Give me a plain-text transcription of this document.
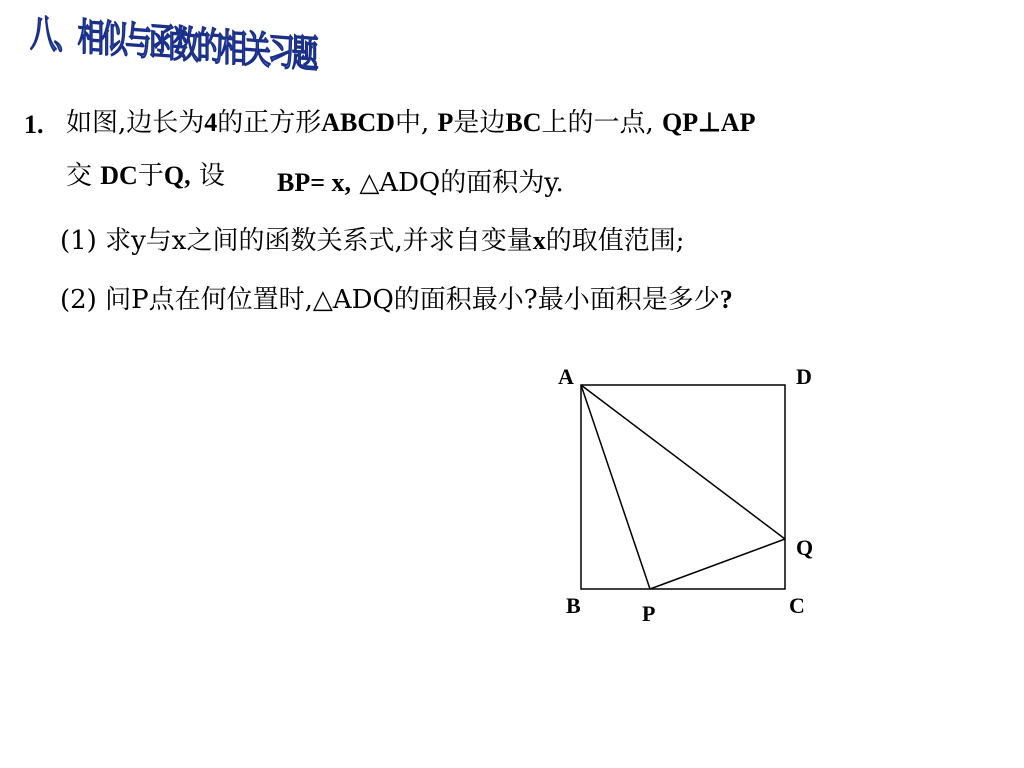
八、相似与函数的相关习题
1. 如图,边长为4的正方形ABCD中, P是边BC上的一点, QP⊥AP
交 DC于Q, 设 BP= x, △ADQ的面积为y.
(1) 求y与x之间的函数关系式,并求自变量x的取值范围;
(2) 问P点在何位置时,△ADQ的面积最小?最小面积是多少?
A	D
Q
B	C
P
